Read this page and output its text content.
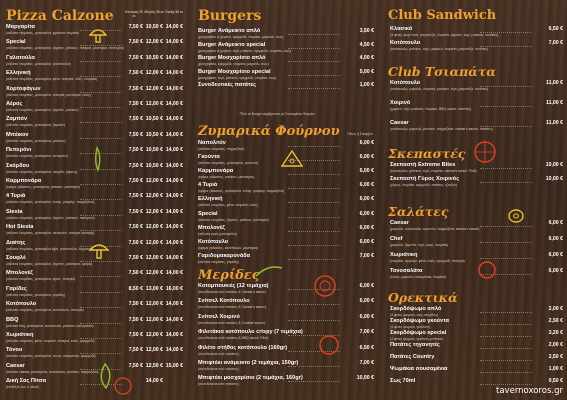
Pizza Calzone	Κανονική 26 εκ
Μεγάλη 36 εκ Family 36 εκ
Μαργαρίτα
(σάλτσα ντομάτας, μοτσαρέλα, φρέσκια ντομάτα)
7,50 € 10,50 € 14,00 €
Special
(σάλτσα ντομάτας, μοτσαρέλα, ζαμπόν, μπέικον, πιπεριά, μανιτάρια, πεπερόνι)
7,50 € 12,00 € 14,00 €
Γαλατούλα
(σάλτσα ντομάτας, μοτσαρέλα, γαλοπούλα)
7,50 € 10,50 € 14,00 €
Ελληνική
(σάλτσα ντομάτας, μοτσαρέλα, φέτα, πιπεριά, ελιές, ντομάτα)
7,50 € 12,00 € 14,00 €
Χορτοφάγων
(σάλτσα ντομάτας, μοτσαρέλα, πιπεριά, μανιτάρια, ελιές)
7,50 € 12,00 € 14,00 €
Αέρος
(σάλτσα ντομάτας, μοτσαρέλα, ζαμπόν, μπέικον)
7,50 € 12,00 € 14,00 €
Ζαμπόν
(σάλτσα ντομάτας, μοτσαρέλα, ζαμπόν)
7,50 € 10,50 € 14,00 €
Μπέικον
(σάλτσα ντομάτας, μοτσαρέλα, μπέικον)
7,50 € 10,50 € 14,00 €
Πεπερόνι
(σάλτσα ντομάτας, μοτσαρέλα, πεπερόνι)
7,50 € 10,50 € 14,00 €
Σκόρδου
(σάλτσα ντομάτας, μοτσαρέλα, σκόρδο, ρίγανη)
7,50 € 10,50 € 14,00 €
Καρμπονάρα
(κρέμα γάλακτος, μοτσαρέλα, μπέικον, μανιτάρια)
7,50 € 12,00 € 14,00 €
4 Τυριά
(σάλτσα ντομάτας, μοτσαρέλα, ένταμ, ροκφόρ, παρμεζάνα)
7,50 € 12,00 € 14,00 €
Siesta
(σάλτσα ντομάτας, μοτσαρέλα, ζαμπόν, μπέικον, πεπερόνι)
7,50 € 12,00 € 14,00 €
Hot Siesta
(σάλτσα ντομάτας, μοτσαρέλα, πεπερόνι, πιπεριά καυτερή)
7,50 € 12,00 € 14,00 €
Διαίτης
(σάλτσα ντομάτας, μοτσαρέλα light, γαλοπούλα, λαχανικά)
7,50 € 12,00 € 14,00 €
Σουφλέ
(σάλτσα ντομάτας, μοτσαρέλα, ζαμπόν, μανιτάρια, κρέμα)
7,50 € 12,00 € 14,00 €
Μπολονέζ
(σάλτσα ντομάτας, μοτσαρέλα, κιμάς, πιπεριά)
7,50 € 12,00 € 14,00 €
Γαρίδες
(σάλτσα ντομάτας, μοτσαρέλα, γαρίδες)
8,50 € 13,00 € 16,00 €
Κοτόπουλο
(σάλτσα ντομάτας, μοτσαρέλα, κοτόπουλο, πιπεριά)
7,50 € 12,00 € 14,00 €
BBQ
(σάλτσα bbq, μοτσαρέλα, κοτόπουλο, μπέικον, καλαμπόκι)
7,50 € 12,00 € 14,00 €
Χωριάτικη
(σάλτσα ντομάτας, φέτα, ντομάτα, πιπεριά, ελιές, κρεμμύδι)
7,50 € 12,00 € 14,00 €
Τόνου
(σάλτσα ντομάτας, μοτσαρέλα, τόνος, καλαμπόκι, κρεμμύδι)
7,50 € 12,00 € 14,00 €
Caesar
(σάλτσα caesar, μοτσαρέλα, κοτόπουλο, μπέικον, παρμεζάνα)
7,50 € 12,50 € 15,00 €
Δική Σας Πίτσα
(επιλέξτε έως 4 υλικά)
14,00 €
Burgers
Burger Ανάμεικτο απλό
(μοσχαρίσιο & χοιρινό, κρεμμύδι, ντομάτα, μαρούλι, σως)
3,50 €
Burger Ανάμεικτο special
(μοσχαρίσιο & χοιρινό, τυρί, μπέικον, κρεμμύδι, ντομάτα, σως)
4,50 €
Burger Μοσχαρίσιο απλό
(μοσχαρίσιο, κρεμμύδι, ντομάτα, μαρούλι, σως)
4,00 €
Burger Μοσχαρίσιο special
(μοσχαρίσιο, τυρί, μπέικον, κρεμμύδι, ντομάτα, σως)
5,00 €
Συνοδευτικές πατάτες	1,00 €
*Όλα τα Burger σερβίρονται με Σουσαμένιο Ψωμάκι
Ζυμαρικά Φούρνου	Πένες ή Σπαγγέτι
Ναπολιτέν
(σάλτσα ντομάτας, παρμεζάνα)
6,00 €
Γκούντα
(σάλτσα ντομάτας, μοτσαρέλα, γκούντα)
6,00 €
Καρμπονάρα
(κρέμα γάλακτος, μπέικον, μανιτάρια)
6,00 €
4 Τυριά
(κρέμα γάλακτος, μοτσαρέλα, ένταμ, ροκφόρ, παρμεζάνα)
6,00 €
Ελληνική
(σάλτσα ντομάτας, φέτα, ντομάτα, ελιές)
6,00 €
Special
(σάλτσα ντομάτας, ζαμπόν, μπέικον, μανιτάρια)
6,00 €
Μπολονέζ
(σάλτσα κιμά, μοτσαρέλα)
6,00 €
Κοτόπουλο
(κρέμα γάλακτος, κοτόπουλο, μανιτάρια)
6,00 €
Γαριδομακαρονάδα
(σάλτσα ντομάτας, γαρίδες)
7,00 €
Μερίδες
Κοτομπουκιές (12 τεμάχια)
(συνοδεύεται από πατάτες & Caesar's sauce)
6,00 €
Σνίτσελ Κοτόπουλο
(συνοδεύεται από πατάτες & Caesar's sauce)
6,00 €
Σνίτσελ Χοιρινό
(συνοδεύεται από πατάτες & Cocktail sauce)
6,00 €
Φιλετάκια κοτόπουλο crispy (7 τεμάχια)
(συνοδεύεται από πατάτες & BBQ sauce 70ml)
7,00 €
Φιλέτο στήθος κοτόπουλο (160gr)
(συνοδεύεται από πατάτες)
6,50 €
Μπιφτέκι ανάμεικτο (2 τεμάχια, 150gr)
(συνοδεύεται από πατάτες)
7,00 €
Μπιφτέκι μοσχαρίσιο (2 τεμάχια, 160gr)
(συνοδεύεται από πατάτες)
10,00 €
Club Sandwich
Κλασικό
(3 φέτες ψωμί τοστ, μαγιονέζα, ντομάτα, ζαμπόν, τυρί, μπέικον, πατάτες)
6,50 €
Κοτόπουλο
(κοτόπουλο, μπέικον, τυρί, μαρούλι, ντομάτα, μαγιονέζα, πατάτες)
7,00 €
Club Τσιαπάτα
Κοτόπουλο
(κοτόπουλο, μαρούλι, ντομάτα, μπέικον, τυρί, μαγιονέζα, πατάτες)
11,00 €
Χοιρινό
(χοιρινό, τυρί, μπέικον, ντομάτα, BBQ sauce, πατάτες)
11,00 €
Caesar
(κοτόπουλο, μαρούλι, μπέικον, παρμεζάνα, caesar's sauce, πατάτες)
11,00 €
Σκεπαστές
Σκεπαστή Extreme Bites
(κοτόπουλο, μπέικον, τυρί, ντομάτα, caesar's sauce 70ml)
10,00 €
Σκεπαστή Γύρος Χοιρινός
(γύρος, ντομάτα, κρεμμύδι, πατάτες, τζατζίκι)
10,00 €
Σαλάτες
Caesar
(μαρούλι, κοτόπουλο, κρουτόν, παρμεζάνα, caesar's sauce)
6,00 €
Chef
(μαρούλι, ζαμπόν, τυρί, αυγό, ντομάτα)
6,00 €
Χωριάτικη
(ντομάτα, αγγούρι, φέτα, ελιές, κρεμμύδι, πιπεριά)
6,00 €
Τονοσαλάτα
(τόνος, μαρούλι, καλαμπόκι, ντομάτα)
6,00 €
Ορεκτικά
Σκορδόψωμο απλό
(4 φέτες ψωμιού, σως σκόρδου)
2,00 €
Σκορδόψωμο γκούντα
(4 φέτες ψωμιού, γκούντα)
2,50 €
Σκορδόψωμο special
(4 φέτες ψωμιού, γκούντα, μπέικον)
3,20 €
Πατάτες τηγανητές	2,00 €
Πατάτες Country	2,50 €
Ψωμάκια σουσαμένια	1,00 €
Σως 70ml	0,50 €
tavernoxoros.gr
